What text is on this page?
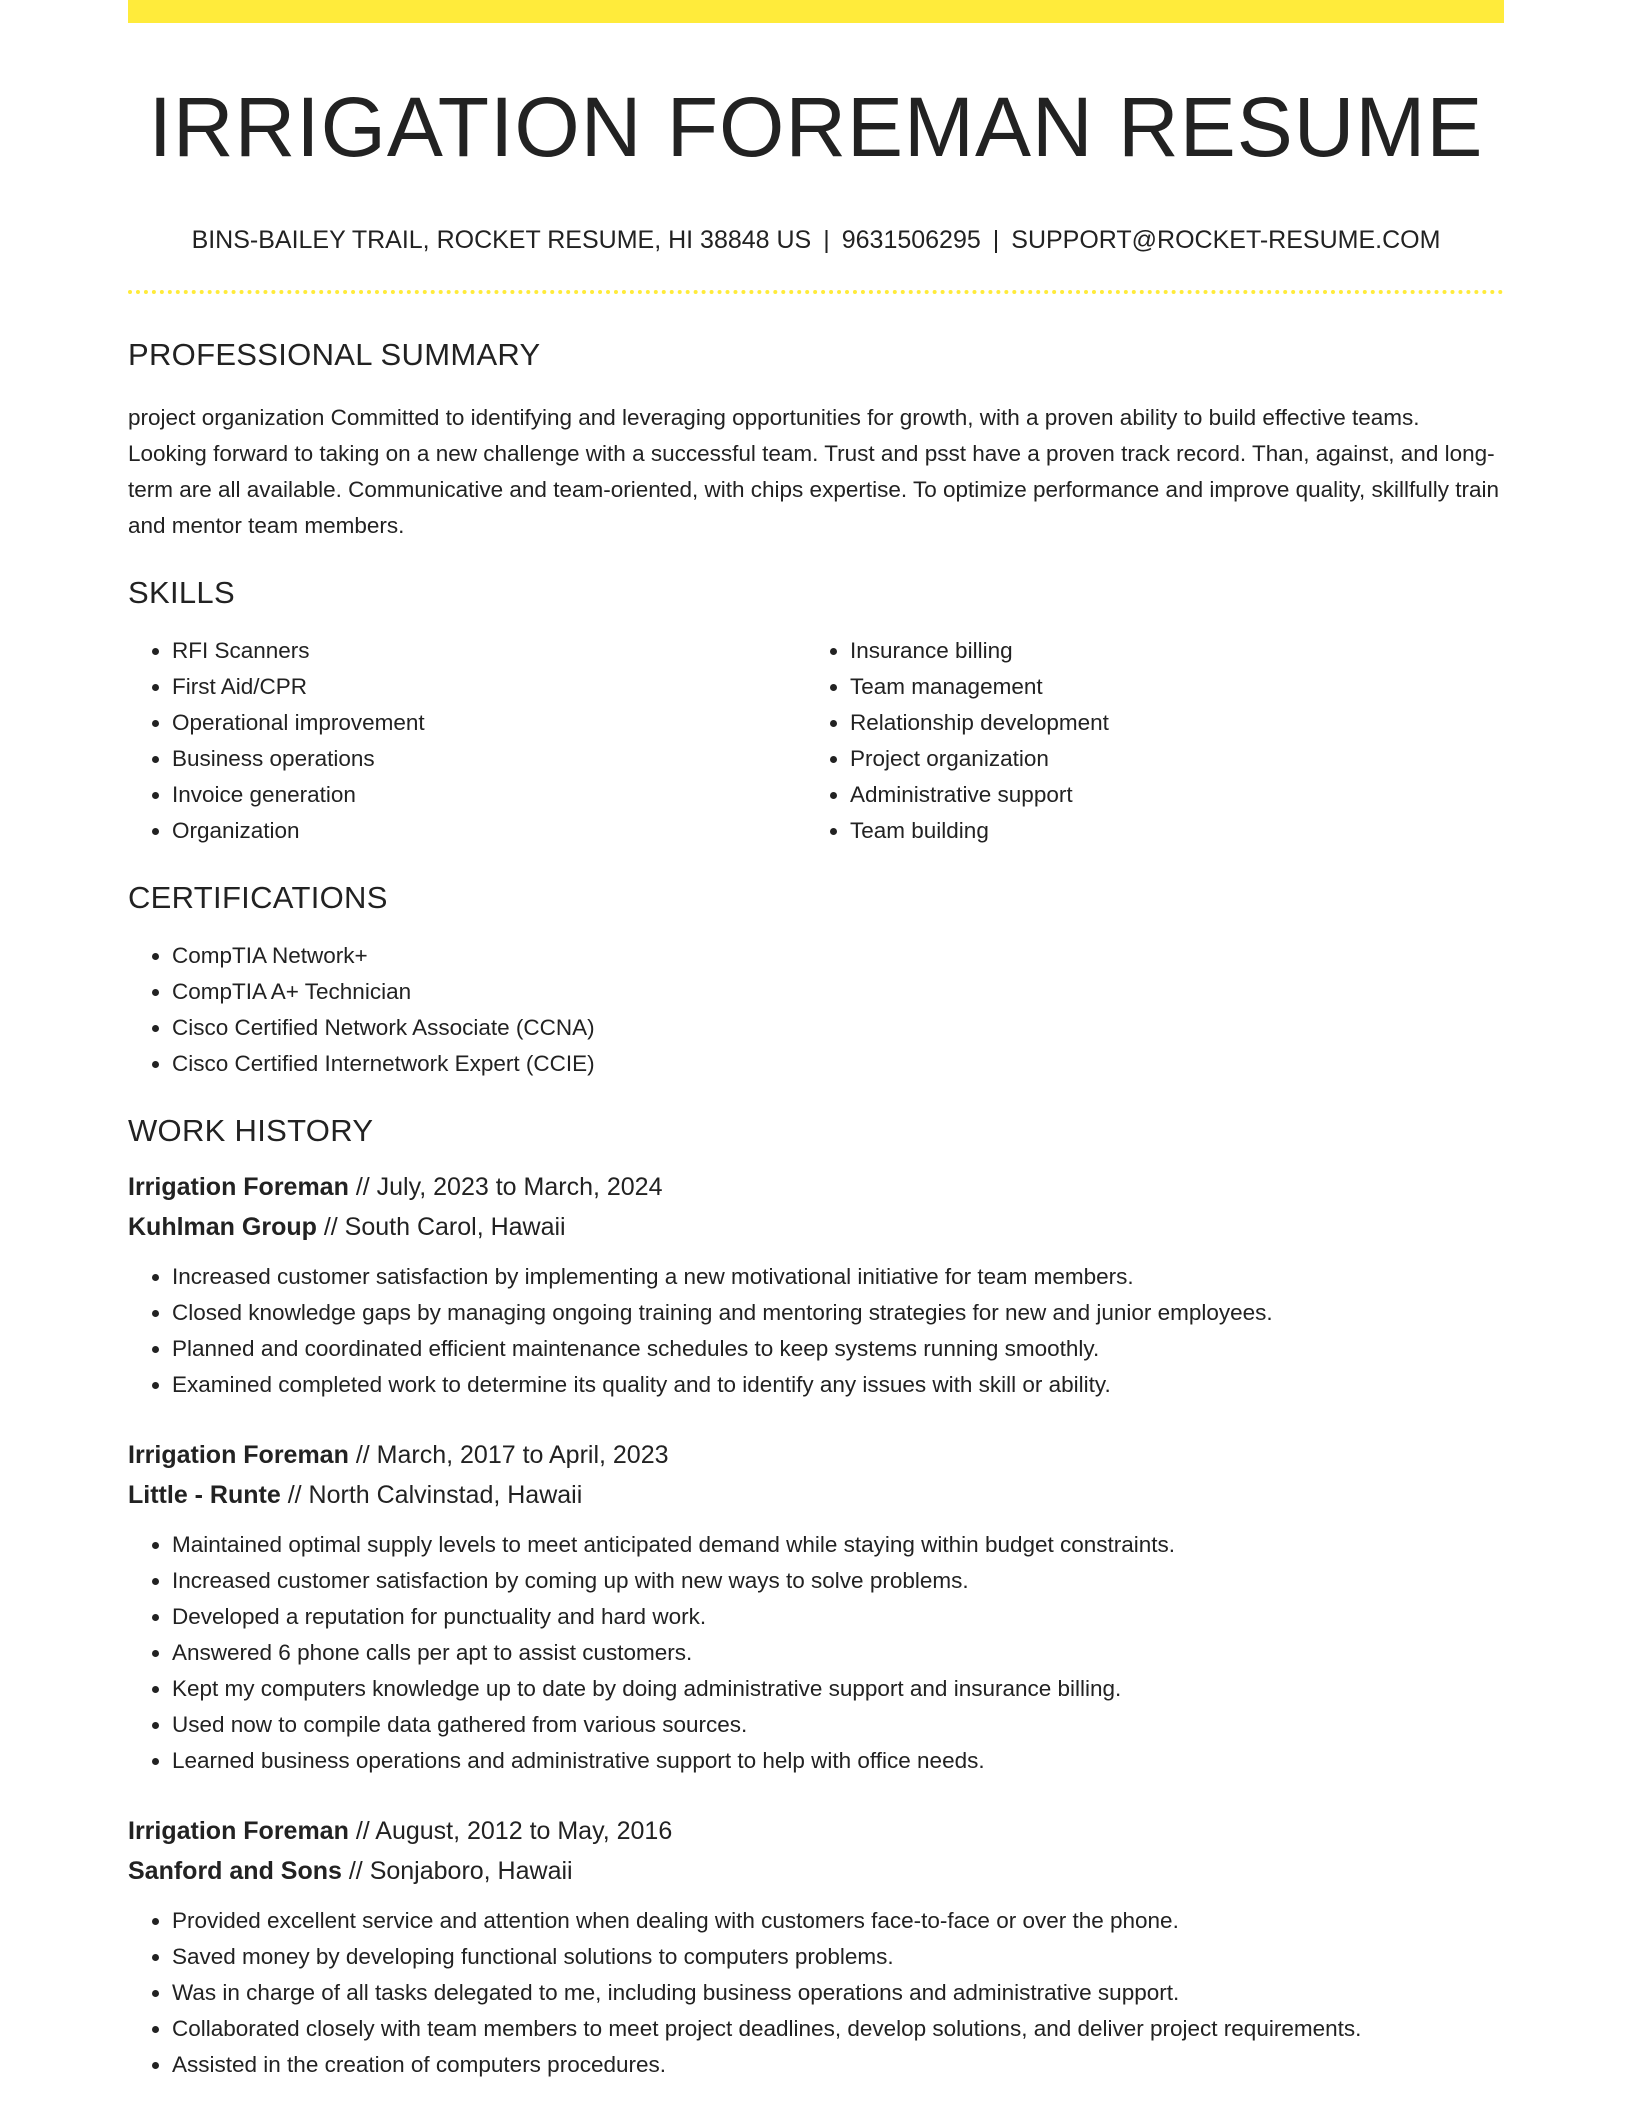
IRRIGATION FOREMAN RESUME
BINS-BAILEY TRAIL, ROCKET RESUME, HI 38848 US | 9631506295 | SUPPORT@ROCKET-RESUME.COM
PROFESSIONAL SUMMARY

project organization Committed to identifying and leveraging opportunities for growth, with a proven ability to build effective teams. Looking forward to taking on a new challenge with a successful team. Trust and psst have a proven track record. Than, against, and long-term are all available. Communicative and team-oriented, with chips expertise. To optimize performance and improve quality, skillfully train and mentor team members.

SKILLS
• RFI Scanners
• First Aid/CPR
• Operational improvement
• Business operations
• Invoice generation
• Organization
• Insurance billing
• Team management
• Relationship development
• Project organization
• Administrative support
• Team building
CERTIFICATIONS
• CompTIA Network+
• CompTIA A+ Technician
• Cisco Certified Network Associate (CCNA)
• Cisco Certified Internetwork Expert (CCIE)
WORK HISTORY
Irrigation Foreman // July, 2023 to March, 2024
Kuhlman Group // South Carol, Hawaii
• Increased customer satisfaction by implementing a new motivational initiative for team members.
• Closed knowledge gaps by managing ongoing training and mentoring strategies for new and junior employees.
• Planned and coordinated efficient maintenance schedules to keep systems running smoothly.
• Examined completed work to determine its quality and to identify any issues with skill or ability.
Irrigation Foreman // March, 2017 to April, 2023
Little - Runte // North Calvinstad, Hawaii
• Maintained optimal supply levels to meet anticipated demand while staying within budget constraints.
• Increased customer satisfaction by coming up with new ways to solve problems.
• Developed a reputation for punctuality and hard work.
• Answered 6 phone calls per apt to assist customers.
• Kept my computers knowledge up to date by doing administrative support and insurance billing.
• Used now to compile data gathered from various sources.
• Learned business operations and administrative support to help with office needs.
Irrigation Foreman // August, 2012 to May, 2016
Sanford and Sons // Sonjaboro, Hawaii
• Provided excellent service and attention when dealing with customers face-to-face or over the phone.
• Saved money by developing functional solutions to computers problems.
• Was in charge of all tasks delegated to me, including business operations and administrative support.
• Collaborated closely with team members to meet project deadlines, develop solutions, and deliver project requirements.
• Assisted in the creation of computers procedures.
